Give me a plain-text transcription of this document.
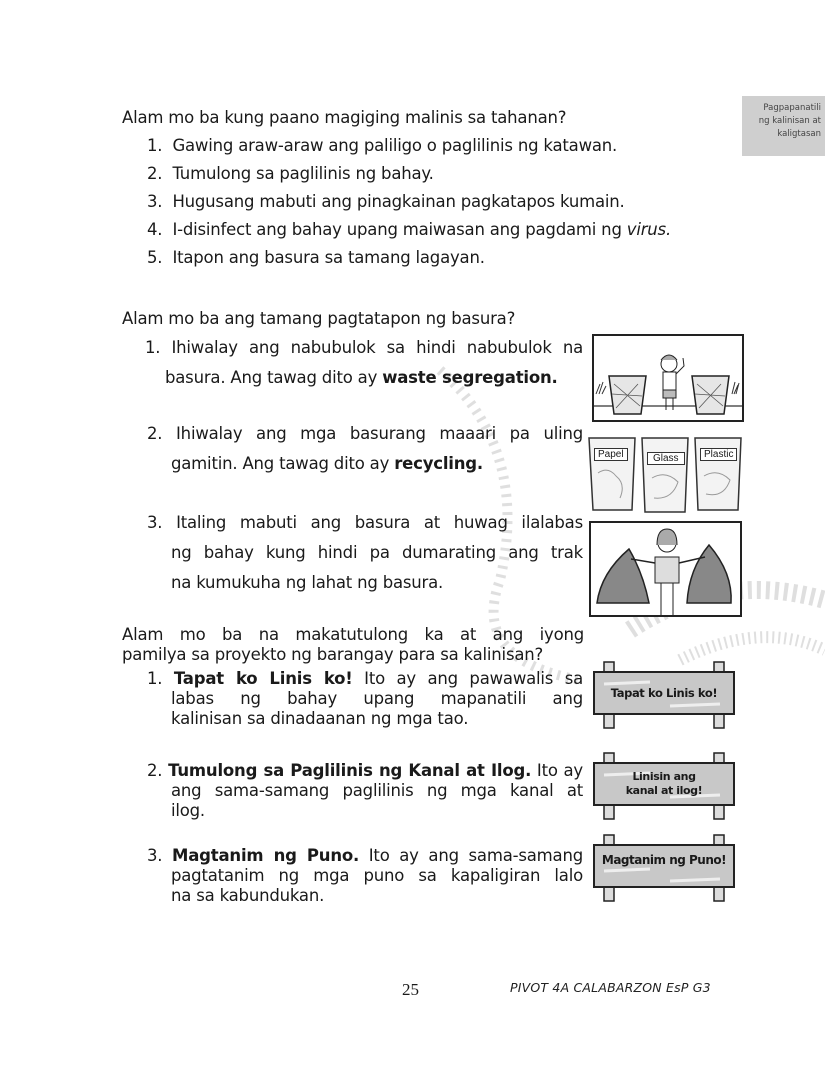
Pagpapanatili
ng kalinisan at
kaligtasan
Alam mo ba kung paano magiging malinis sa tahanan?
1. Gawing araw-araw ang paliligo o paglilinis ng katawan.
2. Tumulong sa paglilinis ng bahay.
3. Hugusang mabuti ang pinagkainan pagkatapos kumain.
4. I-disinfect ang bahay upang maiwasan ang pagdami ng virus.
5. Itapon ang basura sa tamang lagayan.
Alam mo ba ang tamang pagtatapon ng basura?
1. Ihiwalay ang nabubulok sa hindi nabubulok na
basura. Ang tawag dito ay waste segregation.
2. Ihiwalay ang mga basurang maaari pa uling
gamitin. Ang tawag dito ay recycling.
3. Italing mabuti ang basura at huwag ilalabas
ng bahay kung hindi pa dumarating ang trak
na kumukuha ng lahat ng basura.
Papel	Glass	Plastic
Alam mo ba na makatutulong ka at ang iyong
pamilya sa proyekto ng barangay para sa kalinisan?
1. Tapat ko Linis ko! Ito ay ang pawawalis sa
labas ng bahay upang mapanatili ang
kalinisan sa dinadaanan ng mga tao.
2. Tumulong sa Paglilinis ng Kanal at Ilog. Ito ay
ang sama-samang paglilinis ng mga kanal at
ilog.
3. Magtanim ng Puno. Ito ay ang sama-samang
pagtatanim ng mga puno sa kapaligiran lalo
na sa kabundukan.
Tapat ko Linis ko!
Linisin ang
kanal at ilog!
Magtanim ng Puno!
25	PIVOT 4A CALABARZON EsP G3
